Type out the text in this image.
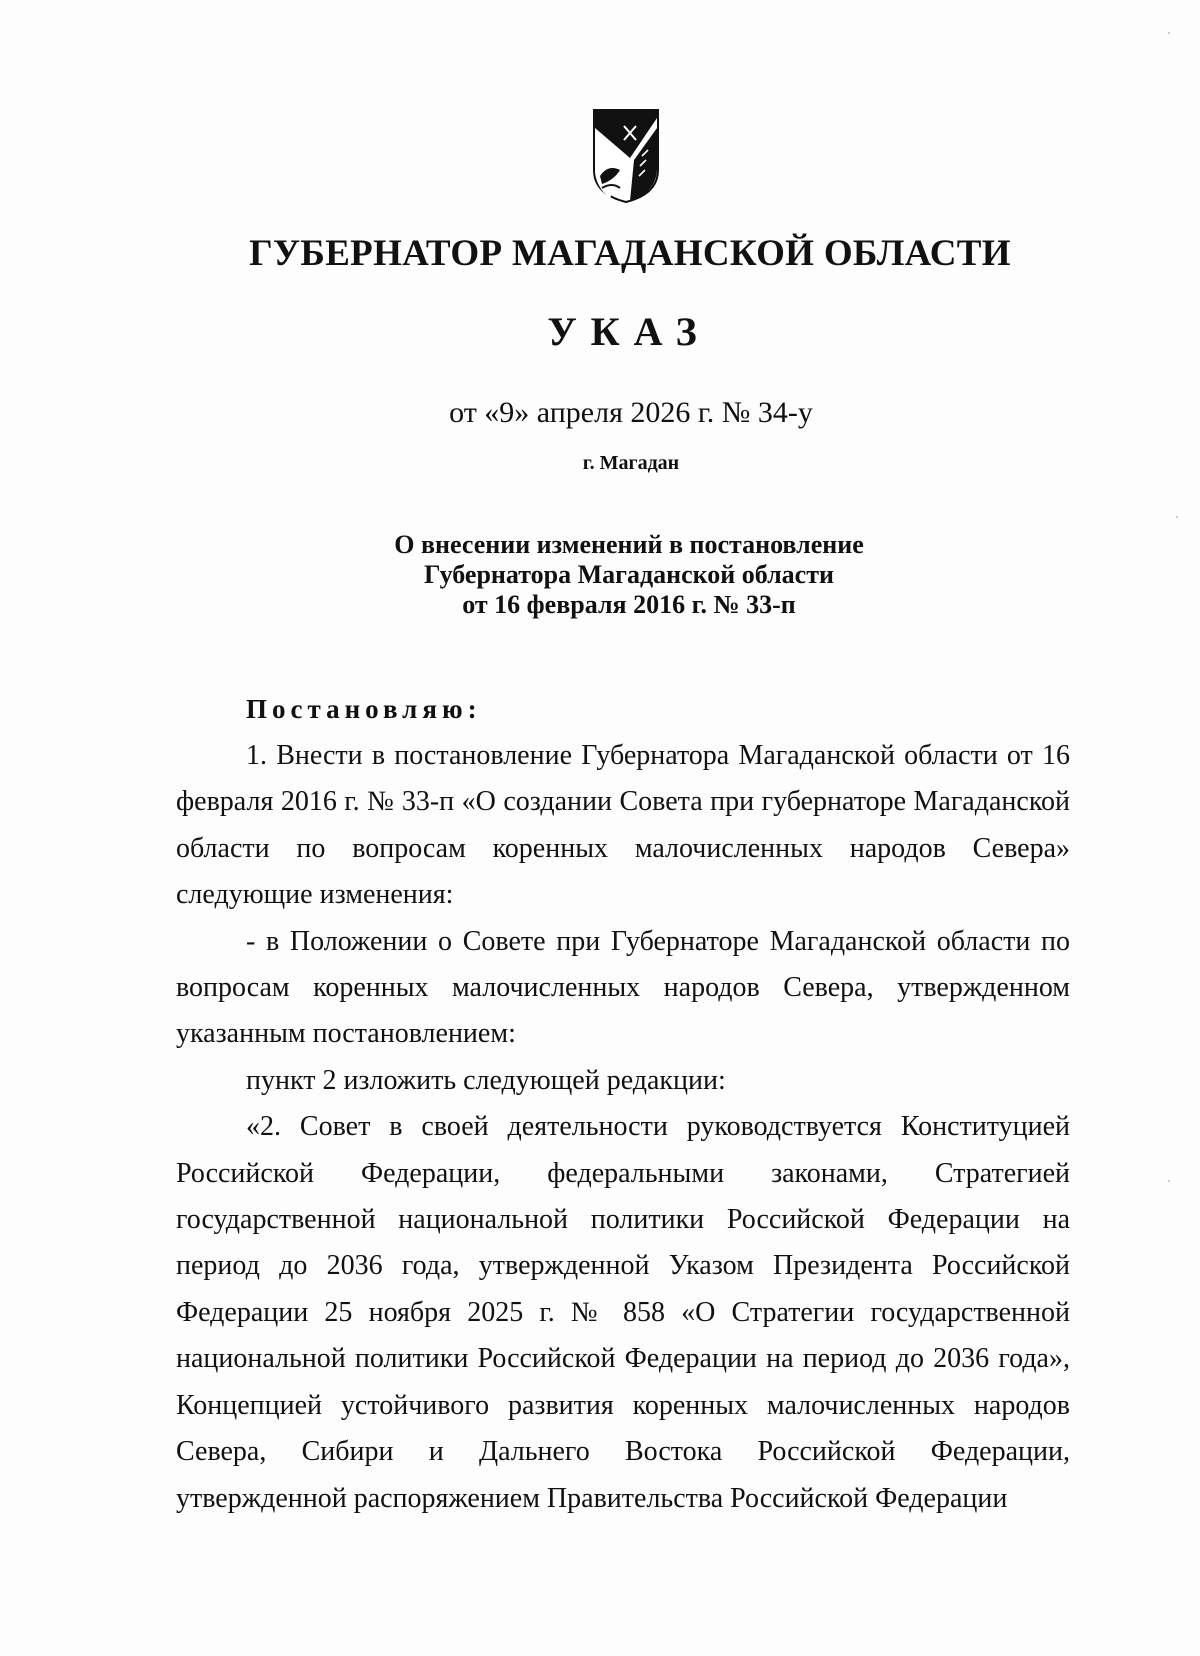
ГУБЕРНАТОР МАГАДАНСКОЙ ОБЛАСТИ
УКАЗ
от «9» апреля 2026 г. № 34-у
г. Магадан
О внесении изменений в постановление
Губернатора Магаданской области
от 16 февраля 2016 г. № 33-п
Постановляю:

1. Внести в постановление Губернатора Магаданской области от 16 февраля 2016 г. № 33-п «О создании Совета при губернаторе Магаданской области по вопросам коренных малочисленных народов Севера» следующие изменения:

- в Положении о Совете при Губернаторе Магаданской области по вопросам коренных малочисленных народов Севера, утвержденном указанным постановлением:

пункт 2 изложить следующей редакции:

«2. Совет в своей деятельности руководствуется Конституцией Российской Федерации, федеральными законами, Стратегией государственной национальной политики Российской Федерации на период до 2036 года, утвержденной Указом Президента Российской Федерации 25 ноября 2025 г. № 858 «О Стратегии государственной национальной политики Российской Федерации на период до 2036 года», Концепцией устойчивого развития коренных малочисленных народов Севера, Сибири и Дальнего Востока Российской Федерации, утвержденной распоряжением Правительства Российской Федерации
